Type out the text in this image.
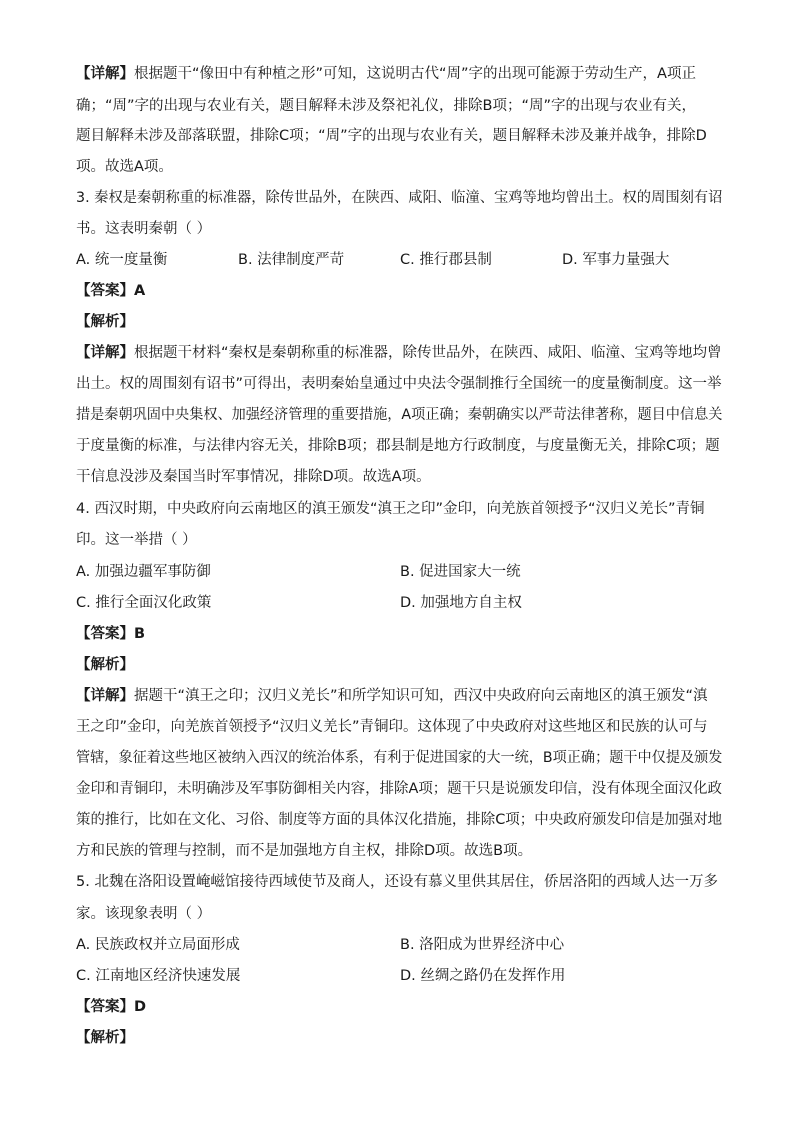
【详解】根据题干“像田中有种植之形”可知，这说明古代“周”字的出现可能源于劳动生产，A项正
确；“周”字的出现与农业有关，题目解释未涉及祭祀礼仪，排除B项；“周”字的出现与农业有关，
题目解释未涉及部落联盟，排除C项；“周”字的出现与农业有关，题目解释未涉及兼并战争，排除D
项。故选A项。
3. 秦权是秦朝称重的标准器，除传世品外，在陕西、咸阳、临潼、宝鸡等地均曾出土。权的周围刻有诏
书。这表明秦朝（ ）
A. 统一度量衡	B. 法律制度严苛	C. 推行郡县制	D. 军事力量强大
【答案】A
【解析】
【详解】根据题干材料“秦权是秦朝称重的标准器，除传世品外，在陕西、咸阳、临潼、宝鸡等地均曾
出土。权的周围刻有诏书”可得出，表明秦始皇通过中央法令强制推行全国统一的度量衡制度。这一举
措是秦朝巩固中央集权、加强经济管理的重要措施，A项正确；秦朝确实以严苛法律著称，题目中信息关
于度量衡的标准，与法律内容无关，排除B项；郡县制是地方行政制度，与度量衡无关，排除C项；题
干信息没涉及秦国当时军事情况，排除D项。故选A项。
4. 西汉时期，中央政府向云南地区的滇王颁发“滇王之印”金印，向羌族首领授予“汉归义羌长”青铜
印。这一举措（ ）
A. 加强边疆军事防御	B. 促进国家大一统
C. 推行全面汉化政策	D. 加强地方自主权
【答案】B
【解析】
【详解】据题干“滇王之印；汉归义羌长”和所学知识可知，西汉中央政府向云南地区的滇王颁发“滇
王之印”金印，向羌族首领授予“汉归义羌长”青铜印。这体现了中央政府对这些地区和民族的认可与
管辖，象征着这些地区被纳入西汉的统治体系，有利于促进国家的大一统，B项正确；题干中仅提及颁发
金印和青铜印，未明确涉及军事防御相关内容，排除A项；题干只是说颁发印信，没有体现全面汉化政
策的推行，比如在文化、习俗、制度等方面的具体汉化措施，排除C项；中央政府颁发印信是加强对地
方和民族的管理与控制，而不是加强地方自主权，排除D项。故选B项。
5. 北魏在洛阳设置崦嵫馆接待西域使节及商人，还设有慕义里供其居住，侨居洛阳的西域人达一万多
家。该现象表明（ ）
A. 民族政权并立局面形成	B. 洛阳成为世界经济中心
C. 江南地区经济快速发展	D. 丝绸之路仍在发挥作用
【答案】D
【解析】
